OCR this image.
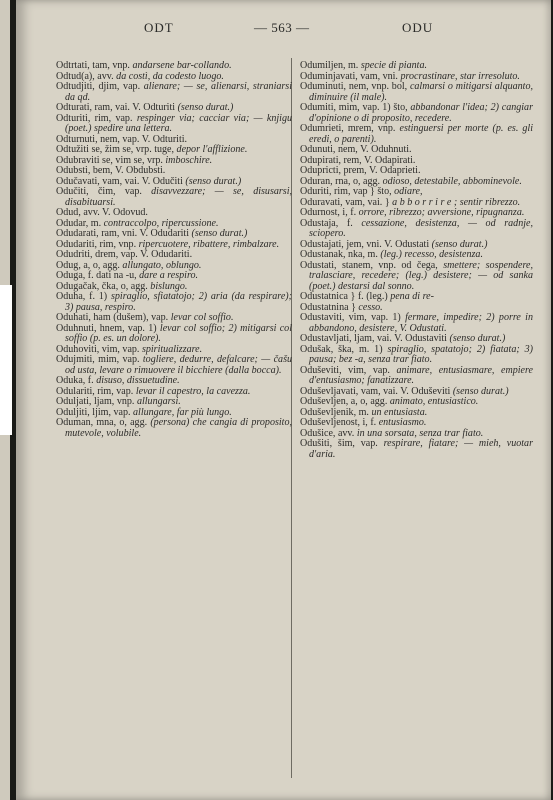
ODT	— 563 —	ODU
Odtrtati, tam, vnp. andarsene bar-collando.
Odtud(a), avv. da costì, da codesto luogo.
Odtudjiti, djim, vap. alienare; — se, alienarsi, straniarsi da qd.
Odturati, ram, vai. V. Odturiti (senso durat.)
Odturiti, rim, vap. respinger via; cacciar via; — knjigu (poet.) spedire una lettera.
Odturnuti, nem, vap. V. Odturiti.
Odtužiti se, žim se, vrp. tuge, depor l'afflizione.
Odubraviti se, vim se, vrp. imboschire.
Odubsti, bem, V. Obdubsti.
Odučavati, vam, vai. V. Odučiti (senso durat.)
Odučiti, čim, vap. disavvezzare; — se, disusarsi, disabituarsi.
Odud, avv. V. Odovud.
Odudar, m. contraccolpo, ripercussione.
Odudarati, ram, vni. V. Odudariti (senso durat.)
Odudariti, rim, vnp. ripercuotere, ribattere, rimbalzare.
Odudriti, drem, vap. V. Odudariti.
Odug, a, o, agg. allungato, oblungo.
Oduga, f. dati na -u, dare a respiro.
Odugačak, čka, o, agg. bislungo.
Oduha, f. 1) spiraglio, sfiatatojo; 2) aria (da respirare); 3) pausa, respiro.
Oduhati, ham (dušem), vap. levar col soffio.
Oduhnuti, hnem, vap. 1) levar col soffio; 2) mitigarsi col soffio (p. es. un dolore).
Oduhoviti, vim, vap. spiritualizzare.
Odujmiti, mim, vap. togliere, dedurre, defalcare; — čašu od usta, levare o rimuovere il bicchiere (dalla bocca).
Oduka, f. disuso, dissuetudine.
Odulariti, rim, vap. levar il capestro, la cavezza.
Oduljati, ljam, vnp. allungarsi.
Oduljiti, ljim, vap. allungare, far più lungo.
Oduman, mna, o, agg. (persona) che cangia di proposito, mutevole, volubile.
Odumiljen, m. specie di pianta.
Oduminjavati, vam, vni. procrastinare, star irresoluto.
Oduminuti, nem, vnp. bol, calmarsi o mitigarsi alquanto, diminuire (il male).
Odumiti, mim, vap. 1) što, abbandonar l'idea; 2) cangiar d'opinione o di proposito, recedere.
Odumrieti, mrem, vnp. estinguersi per morte (p. es. gli eredi, o parenti).
Odunuti, nem, V. Oduhnuti.
Odupirati, rem, V. Odapirati.
Odupricti, prem, V. Odaprieti.
Oduran, rna, o, agg. odioso, detestabile, abbominevole.
Oduriti, rim, vap } što, odiare,
Oduravati, vam, vai. } a b b o r r i r e ; sentir ribrezzo.
Odurnost, i, f. orrore, ribrezzo; avversione, ripugnanza.
Odustaja, f. cessazione, desistenza, — od radnje, sciopero.
Odustajati, jem, vni. V. Odustati (senso durat.)
Odustanak, nka, m. (leg.) recesso, desistenza.
Odustati, stanem, vnp. od čega, smettere; sospendere, tralasciare, recedere; (leg.) desistere; — od sanka (poet.) destarsi dal sonno.
Odustatnica } f. (leg.) pena di re-
Odustatnina } cesso.
Odustaviti, vim, vap. 1) fermare, impedire; 2) porre in abbandono, desistere, V. Odustati.
Odustavljati, ljam, vai. V. Odustaviti (senso durat.)
Odušak, ška, m. 1) spiraglio, spatatojo; 2) fiatata; 3) pausa; bez -a, senza trar fiato.
Oduševiti, vim, vap. animare, entusiasmare, empiere d'entusiasmo; fanatizzare.
Oduševljavati, vam, vai. V. Oduševiti (senso durat.)
Oduševljen, a, o, agg. animato, entusiastico.
Oduševljenik, m. un entusiasta.
Oduševljenost, i, f. entusiasmo.
Odušice, avv. in una sorsata, senza trar fiato.
Odušiti, šim, vap. respirare, fiatare; — mieh, vuotar d'aria.
